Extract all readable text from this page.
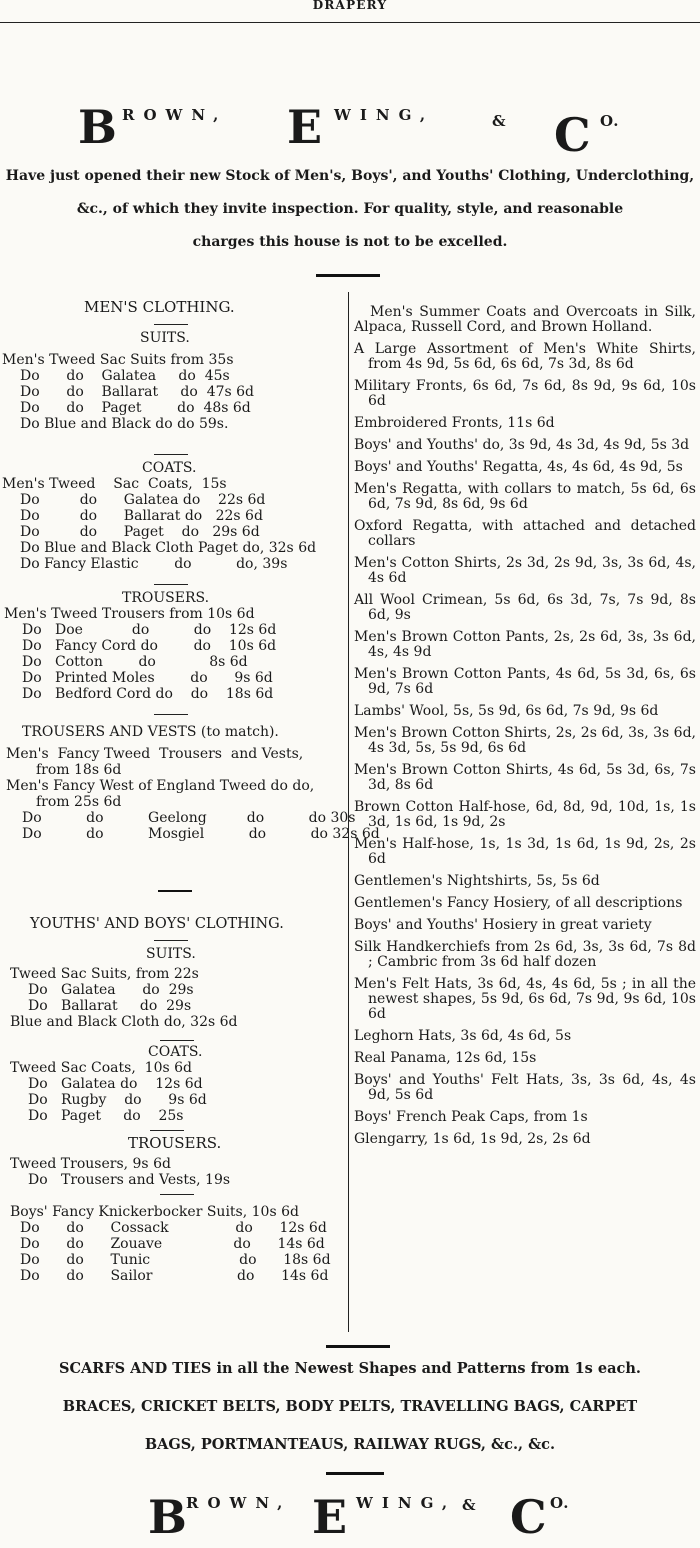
DRAPERY
B ROWN, E WING,	& C O.
Have just opened their new Stock of Men's, Boys', and Youths' Clothing, Underclothing,
&c., of which they invite inspection. For quality, style, and reasonable
charges this house is not to be excelled.
MEN'S CLOTHING.
SUITS.
Men's Tweed Sac Suits from 35s
Do      do    Galatea     do  45s
Do      do    Ballarat     do  47s 6d
Do      do    Paget        do  48s 6d
Do Blue and Black do do 59s.
COATS.
Men's Tweed    Sac  Coats,  15s
Do         do      Galatea do    22s 6d
Do         do      Ballarat do   22s 6d
Do         do      Paget    do   29s 6d
Do Blue and Black Cloth Paget do, 32s 6d
Do Fancy Elastic        do          do, 39s
TROUSERS.
Men's Tweed Trousers from 10s 6d
Do   Doe           do          do    12s 6d
Do   Fancy Cord do        do    10s 6d
Do   Cotton        do            8s 6d
Do   Printed Moles        do      9s 6d
Do   Bedford Cord do    do    18s 6d
TROUSERS AND VESTS (to match).
Men's  Fancy Tweed  Trousers  and Vests,
from 18s 6d
Men's Fancy West of England Tweed do do,
from 25s 6d
Do          do          Geelong         do          do 30s
Do          do          Mosgiel          do          do 32s 6d
YOUTHS' AND BOYS' CLOTHING.
SUITS.
Tweed Sac Suits, from 22s
Do   Galatea      do  29s
Do   Ballarat     do  29s
Blue and Black Cloth do, 32s 6d
COATS.
Tweed Sac Coats,  10s 6d
Do   Galatea do    12s 6d
Do   Rugby    do      9s 6d
Do   Paget     do    25s
TROUSERS.
Tweed Trousers, 9s 6d
Do   Trousers and Vests, 19s
Boys' Fancy Knickerbocker Suits, 10s 6d
Do      do      Cossack               do      12s 6d
Do      do      Zouave                do      14s 6d
Do      do      Tunic                    do      18s 6d
Do      do      Sailor                   do      14s 6d
Men's Summer Coats and Overcoats in Silk, Alpaca, Russell Cord, and Brown Holland.
A Large Assortment of Men's White Shirts, from 4s 9d, 5s 6d, 6s 6d, 7s 3d, 8s 6d
Military Fronts, 6s 6d, 7s 6d, 8s 9d, 9s 6d, 10s 6d
Embroidered Fronts, 11s 6d
Boys' and Youths' do, 3s 9d, 4s 3d, 4s 9d, 5s 3d
Boys' and Youths' Regatta, 4s, 4s 6d, 4s 9d, 5s
Men's Regatta, with collars to match, 5s 6d, 6s 6d, 7s 9d, 8s 6d, 9s 6d
Oxford Regatta, with attached and detached collars
Men's Cotton Shirts, 2s 3d, 2s 9d, 3s, 3s 6d, 4s, 4s 6d
All Wool Crimean, 5s 6d, 6s 3d, 7s, 7s 9d, 8s 6d, 9s
Men's Brown Cotton Pants, 2s, 2s 6d, 3s, 3s 6d, 4s, 4s 9d
Men's Brown Cotton Pants, 4s 6d, 5s 3d, 6s, 6s 9d, 7s 6d
Lambs' Wool, 5s, 5s 9d, 6s 6d, 7s 9d, 9s 6d
Men's Brown Cotton Shirts, 2s, 2s 6d, 3s, 3s 6d, 4s 3d, 5s, 5s 9d, 6s 6d
Men's Brown Cotton Shirts, 4s 6d, 5s 3d, 6s, 7s 3d, 8s 6d
Brown Cotton Half-hose, 6d, 8d, 9d, 10d, 1s, 1s 3d, 1s 6d, 1s 9d, 2s
Men's Half-hose, 1s, 1s 3d, 1s 6d, 1s 9d, 2s, 2s 6d
Gentlemen's Nightshirts, 5s, 5s 6d
Gentlemen's Fancy Hosiery, of all descriptions
Boys' and Youths' Hosiery in great variety
Silk Handkerchiefs from 2s 6d, 3s, 3s 6d, 7s 8d ; Cambric from 3s 6d half dozen
Men's Felt Hats, 3s 6d, 4s, 4s 6d, 5s ; in all the newest shapes, 5s 9d, 6s 6d, 7s 9d, 9s 6d, 10s 6d
Leghorn Hats, 3s 6d, 4s 6d, 5s
Real Panama, 12s 6d, 15s
Boys' and Youths' Felt Hats, 3s, 3s 6d, 4s, 4s 9d, 5s 6d
Boys' French Peak Caps, from 1s
Glengarry, 1s 6d, 1s 9d, 2s, 2s 6d
SCARFS AND TIES in all the Newest Shapes and Patterns from 1s each.
BRACES, CRICKET BELTS, BODY PELTS, TRAVELLING BAGS, CARPET
BAGS, PORTMANTEAUS, RAILWAY RUGS, &c., &c.
B ROWN, E WING, & C O.
